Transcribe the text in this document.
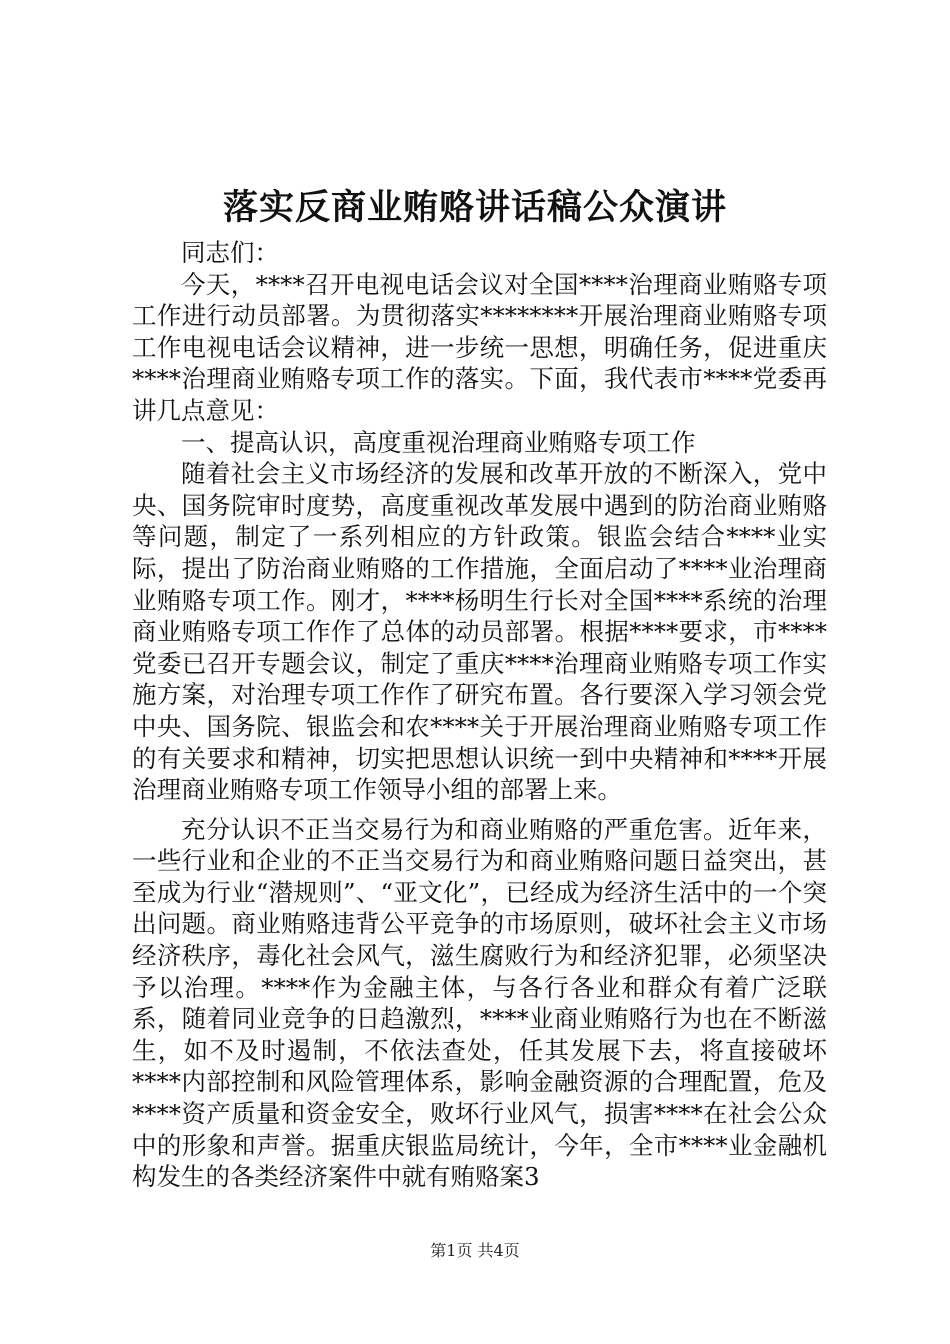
落实反商业贿赂讲话稿公众演讲

同志们：

今天，****召开电视电话会议对全国****治理商业贿赂专项工作进行动员部署。为贯彻落实********开展治理商业贿赂专项工作电视电话会议精神，进一步统一思想，明确任务，促进重庆****治理商业贿赂专项工作的落实。下面，我代表市****党委再讲几点意见：

一、提高认识，高度重视治理商业贿赂专项工作

随着社会主义市场经济的发展和改革开放的不断深入，党中央、国务院审时度势，高度重视改革发展中遇到的防治商业贿赂等问题，制定了一系列相应的方针政策。银监会结合****业实际，提出了防治商业贿赂的工作措施，全面启动了****业治理商业贿赂专项工作。刚才，****杨明生行长对全国****系统的治理商业贿赂专项工作作了总体的动员部署。根据****要求，市****党委已召开专题会议，制定了重庆****治理商业贿赂专项工作实施方案，对治理专项工作作了研究布置。各行要深入学习领会党中央、国务院、银监会和农****关于开展治理商业贿赂专项工作的有关要求和精神，切实把思想认识统一到中央精神和****开展治理商业贿赂专项工作领导小组的部署上来。

充分认识不正当交易行为和商业贿赂的严重危害。近年来，一些行业和企业的不正当交易行为和商业贿赂问题日益突出，甚至成为行业“潜规则”、“亚文化”，已经成为经济生活中的一个突出问题。商业贿赂违背公平竞争的市场原则，破坏社会主义市场经济秩序，毒化社会风气，滋生腐败行为和经济犯罪，必须坚决予以治理。****作为金融主体，与各行各业和群众有着广泛联系，随着同业竞争的日趋激烈，****业商业贿赂行为也在不断滋生，如不及时遏制，不依法查处，任其发展下去，将直接破坏****内部控制和风险管理体系，影响金融资源的合理配置，危及****资产质量和资金安全，败坏行业风气，损害****在社会公众中的形象和声誉。据重庆银监局统计，今年，全市****业金融机构发生的各类经济案件中就有贿赂案3

第1页 共4页
